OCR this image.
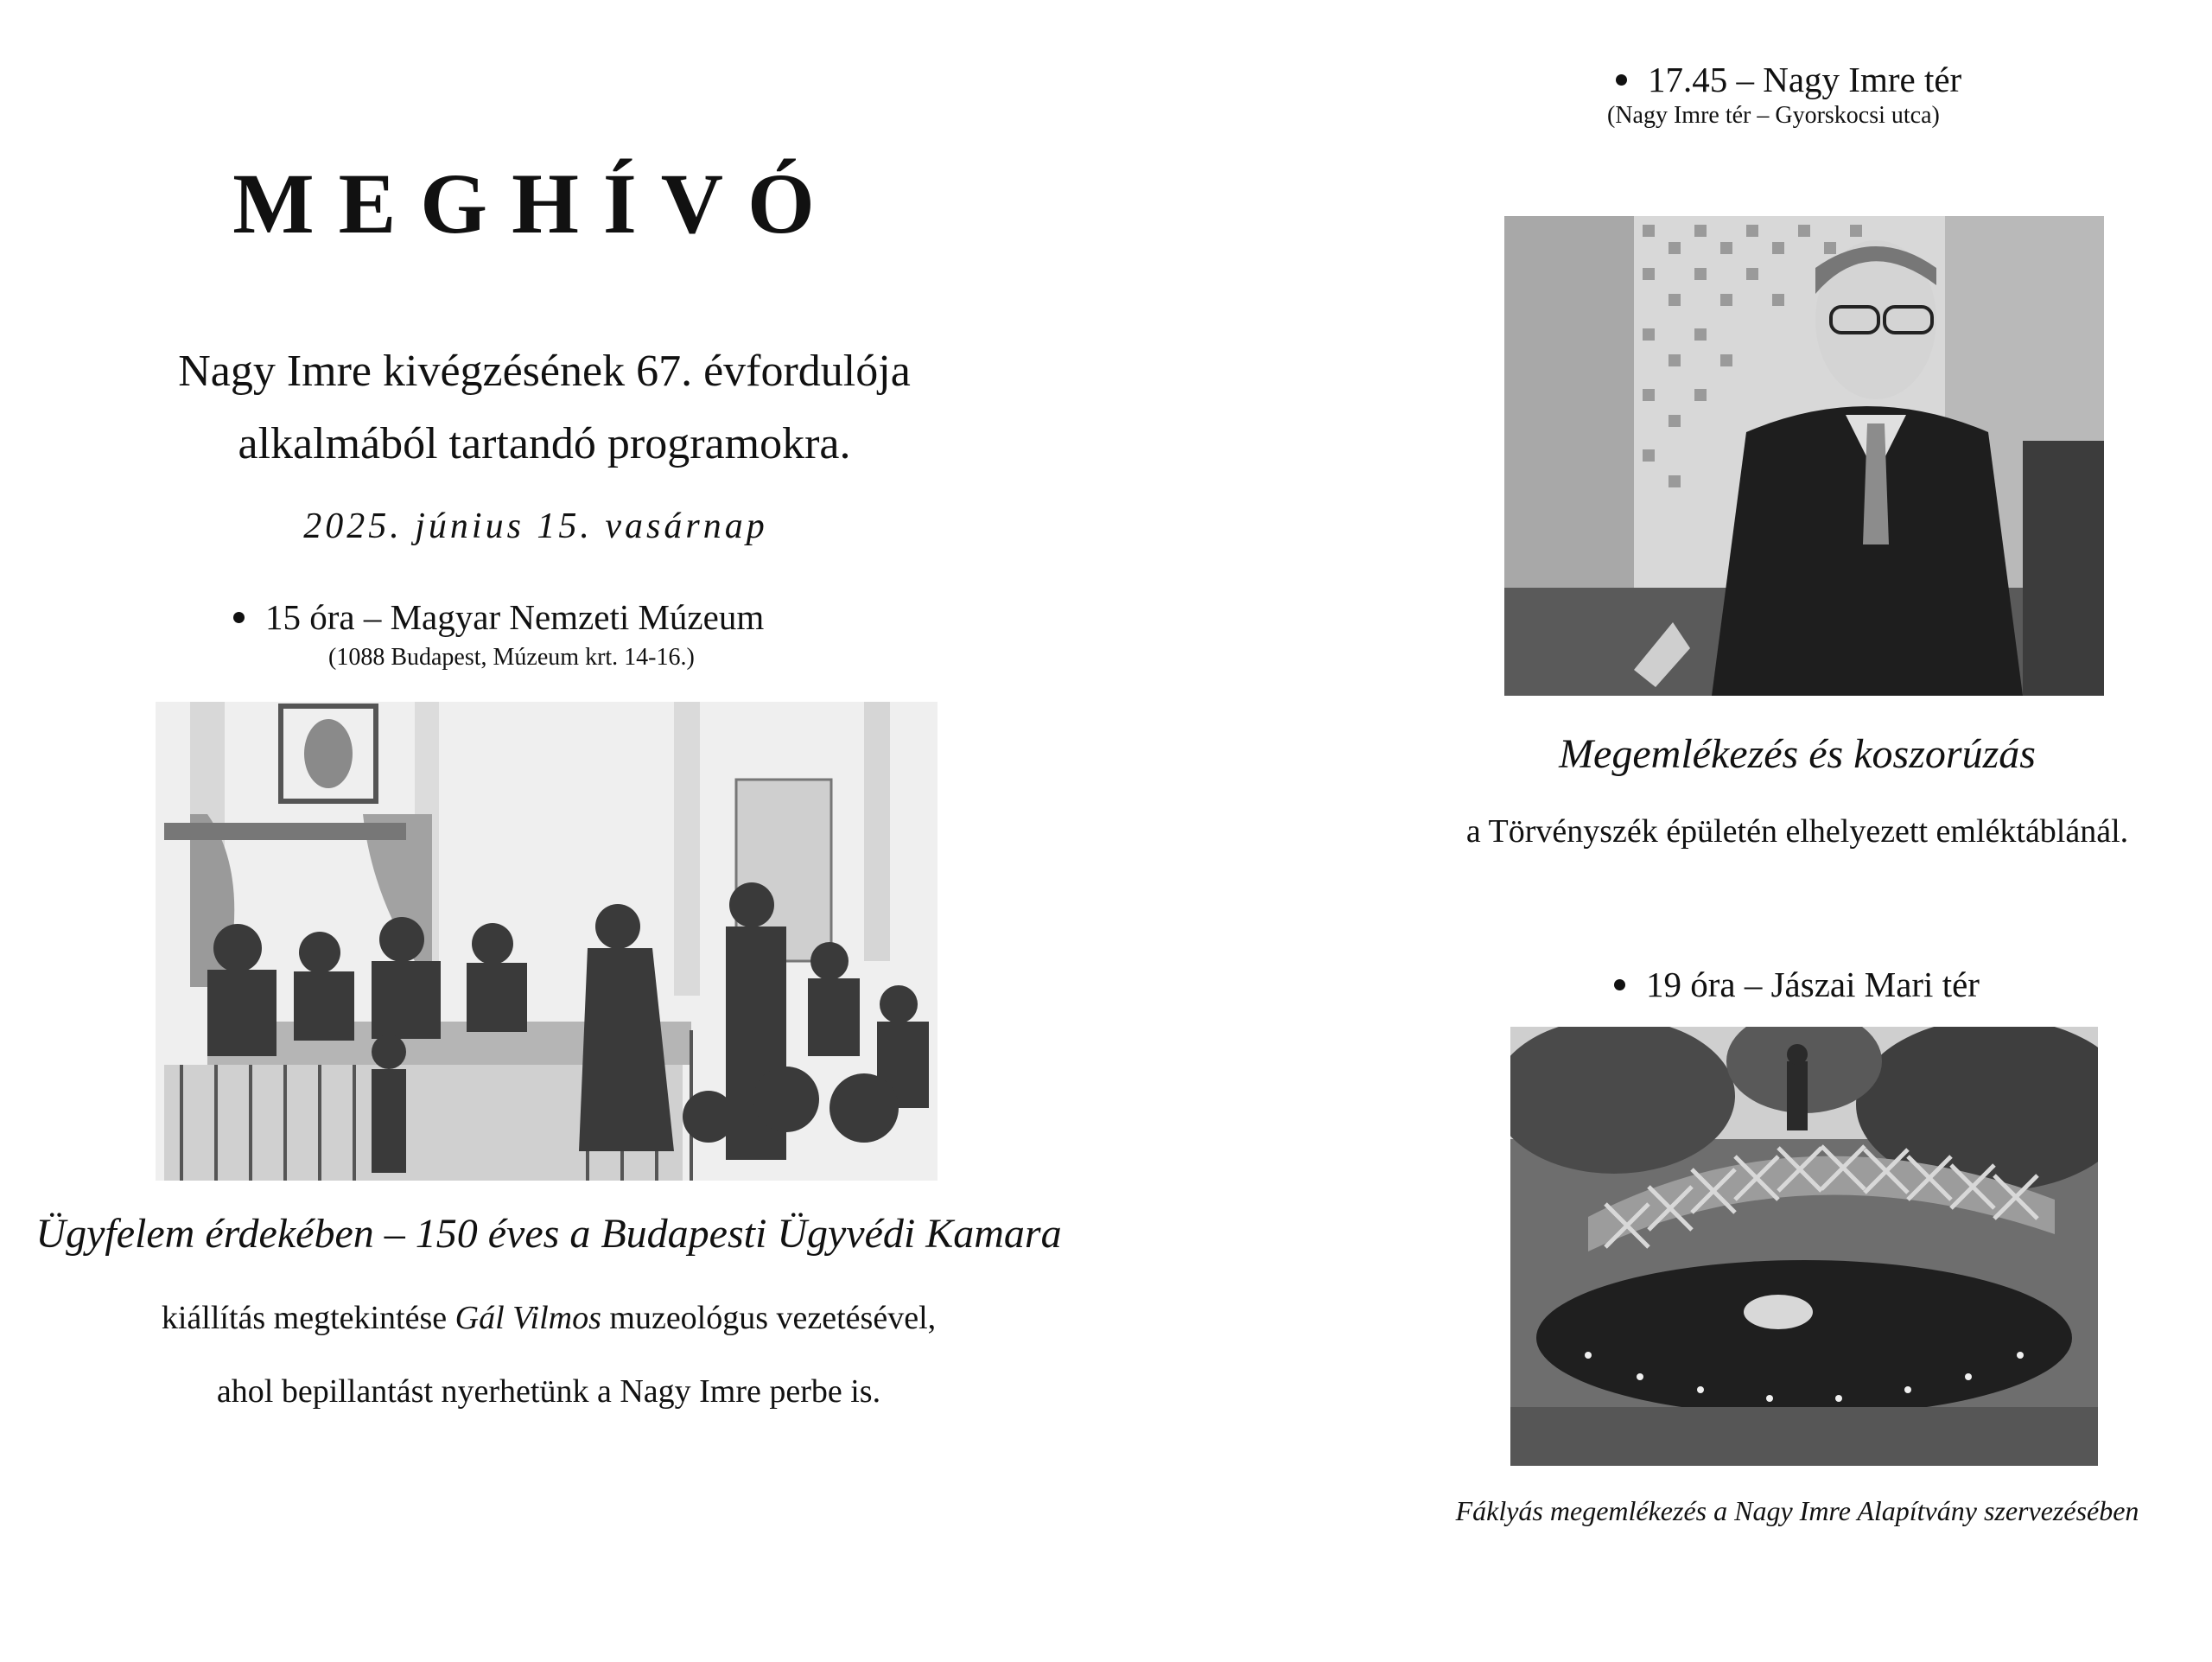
MEGHÍVÓ
Nagy Imre kivégzésének 67. évfordulója
alkalmából tartandó programokra.
2025. június 15. vasárnap
15 óra – Magyar Nemzeti Múzeum
(1088 Budapest, Múzeum krt. 14-16.)
Ügyfelem érdekében – 150 éves a Budapesti Ügyvédi Kamara
kiállítás megtekintése Gál Vilmos muzeológus vezetésével,
ahol bepillantást nyerhetünk a Nagy Imre perbe is.
17.45 – Nagy Imre tér
(Nagy Imre tér – Gyorskocsi utca)
Megemlékezés és koszorúzás
a Törvényszék épületén elhelyezett emléktáblánál.
19 óra – Jászai Mari tér
Fáklyás megemlékezés a Nagy Imre Alapítvány szervezésében
